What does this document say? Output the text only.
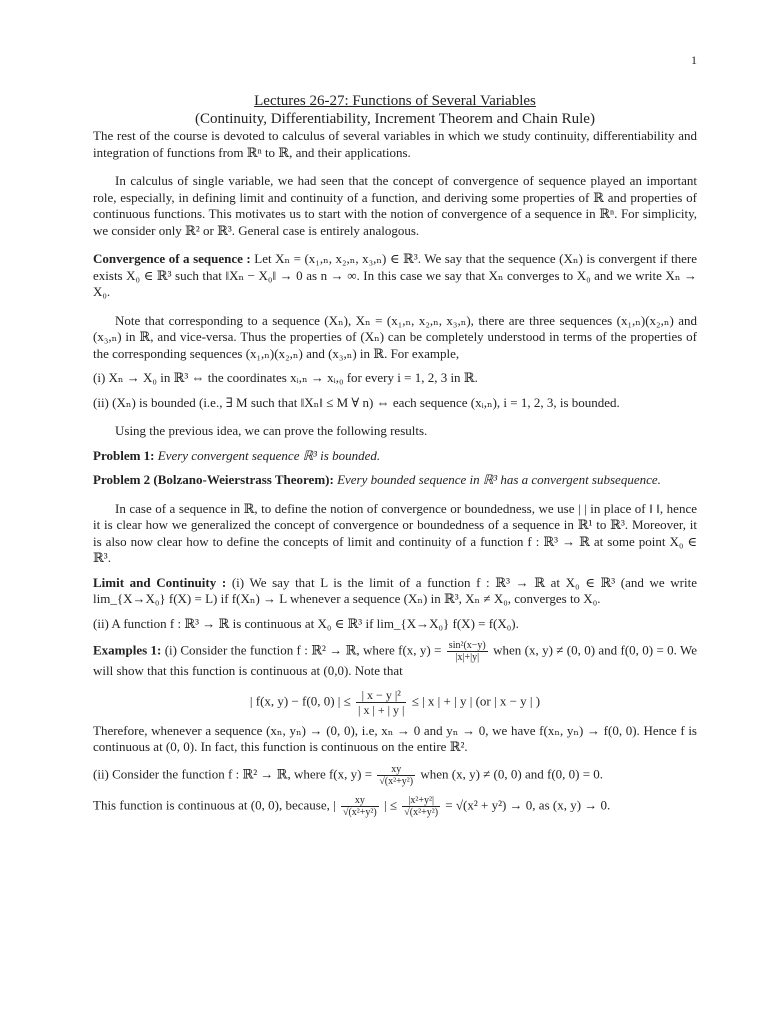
1
Lectures 26-27: Functions of Several Variables
(Continuity, Differentiability, Increment Theorem and Chain Rule)

The rest of the course is devoted to calculus of several variables in which we study continuity, differentiability and integration of functions from ℝⁿ to ℝ, and their applications.

In calculus of single variable, we had seen that the concept of convergence of sequence played an important role, especially, in defining limit and continuity of a function, and deriving some properties of ℝ and properties of continuous functions. This motivates us to start with the notion of convergence of a sequence in ℝⁿ. For simplicity, we consider only ℝ² or ℝ³. General case is entirely analogous.

Convergence of a sequence : Let Xₙ = (x₁,ₙ, x₂,ₙ, x₃,ₙ) ∈ ℝ³. We say that the sequence (Xₙ) is convergent if there exists X₀ ∈ ℝ³ such that ‖Xₙ − X₀‖ → 0 as n → ∞. In this case we say that Xₙ converges to X₀ and we write Xₙ → X₀.

Note that corresponding to a sequence (Xₙ), Xₙ = (x₁,ₙ, x₂,ₙ, x₃,ₙ), there are three sequences (x₁,ₙ)(x₂,ₙ) and (x₃,ₙ) in ℝ, and vice-versa. Thus the properties of (Xₙ) can be completely understood in terms of the properties of the corresponding sequences (x₁,ₙ)(x₂,ₙ) and (x₃,ₙ) in ℝ. For example,

(i) Xₙ → X₀ in ℝ³ ⇔ the coordinates xᵢ,ₙ → xᵢ,₀ for every i = 1, 2, 3 in ℝ.

(ii) (Xₙ) is bounded (i.e., ∃ M such that ‖Xₙ‖ ≤ M ∀ n) ⇔ each sequence (xᵢ,ₙ), i = 1, 2, 3, is bounded.

Using the previous idea, we can prove the following results.

Problem 1: Every convergent sequence ℝ³ is bounded.

Problem 2 (Bolzano-Weierstrass Theorem): Every bounded sequence in ℝ³ has a convergent subsequence.

In case of a sequence in ℝ, to define the notion of convergence or boundedness, we use | | in place of ‖ ‖, hence it is clear how we generalized the concept of convergence or boundedness of a sequence in ℝ¹ to ℝ³. Moreover, it is also now clear how to define the concepts of limit and continuity of a function f : ℝ³ → ℝ at some point X₀ ∈ ℝ³.

Limit and Continuity : (i) We say that L is the limit of a function f : ℝ³ → ℝ at X₀ ∈ ℝ³ (and we write lim_{X→X₀} f(X) = L) if f(Xₙ) → L whenever a sequence (Xₙ) in ℝ³, Xₙ ≠ X₀, converges to X₀.

(ii) A function f : ℝ³ → ℝ is continuous at X₀ ∈ ℝ³ if lim_{X→X₀} f(X) = f(X₀).

Examples 1: (i) Consider the function f : ℝ² → ℝ, where f(x, $y) = \frac{\text{sin²(x−y)}}{|x|+|y|}$ when (x, y) ≠ (0, 0) and f(0, 0) = 0. We will show that this function is continuous at (0,0). Note that

| f(x, y) − f(0, 0) | ≤ $\frac{\text{| x − y |²}}{| x | + | y |}$ ≤ | x | + | y | (or | x − y | )

Therefore, whenever a sequence (xₙ, yₙ) → (0, 0), i.e, xₙ → 0 and yₙ → 0, we have f(xₙ, yₙ) → f(0, 0). Hence f is continuous at (0, 0). In fact, this function is continuous on the entire ℝ².

(ii) Consider the function f : ℝ² → ℝ, where f(x, $y) = \frac{xy}{\text{√(x²+y²)}}$ when (x, y) ≠ (0, 0) and f(0, 0) = 0.

This function is continuous at (0, 0), because, | $\frac{xy}{\text{√(x²+y²)}}$ | ≤ $\frac{\text{|x²+y²|}}{\text{√(x²+y²)}} = √(x^2 + y^2) \to 0$, as (x, y) → 0.
